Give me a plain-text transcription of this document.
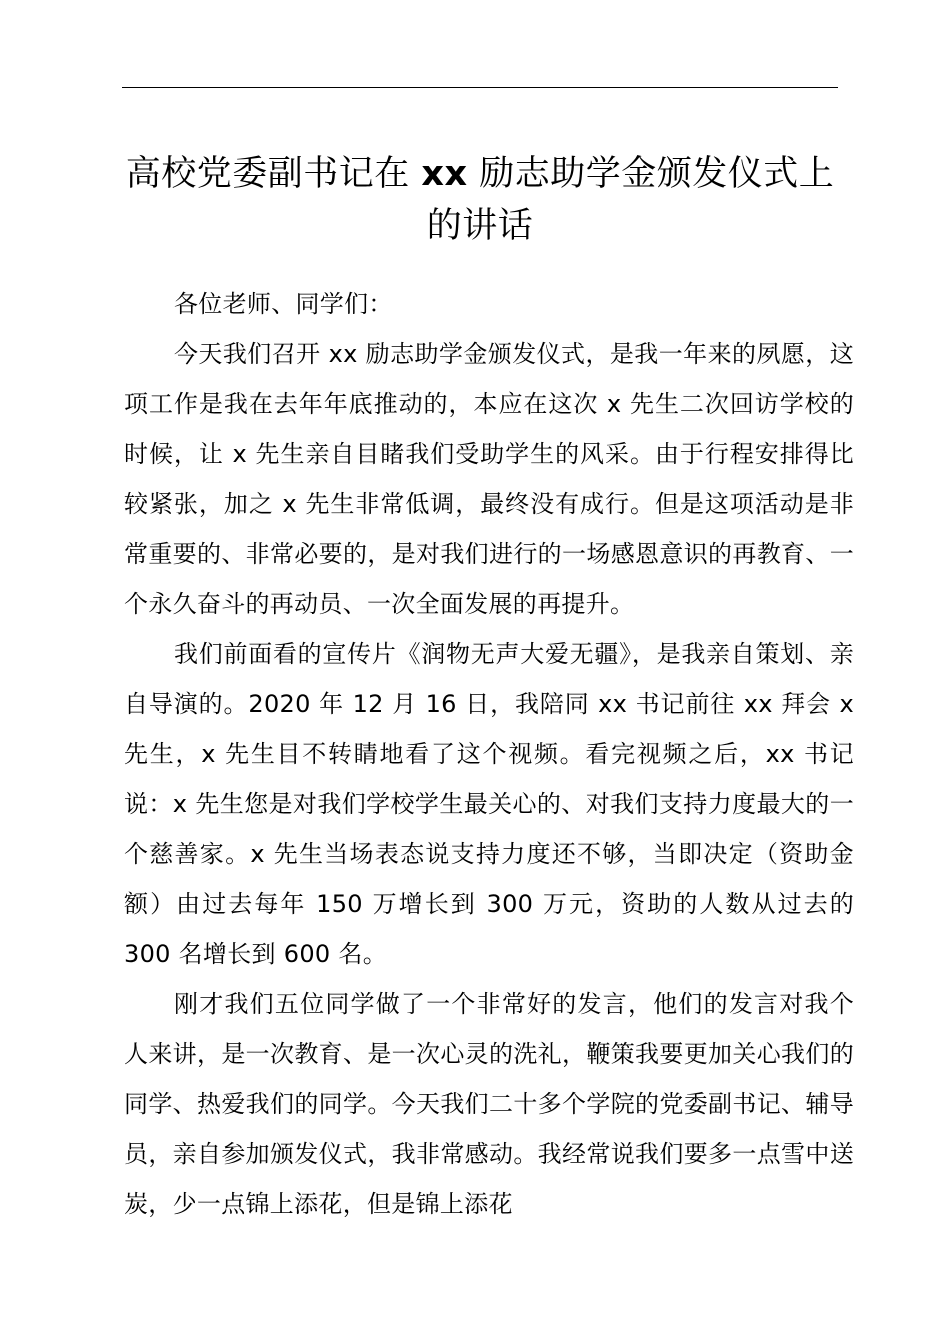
高校党委副书记在 xx 励志助学金颁发仪式上的讲话

各位老师、同学们：

今天我们召开 xx 励志助学金颁发仪式，是我一年来的夙愿，这项工作是我在去年年底推动的，本应在这次 x 先生二次回访学校的时候，让 x 先生亲自目睹我们受助学生的风采。由于行程安排得比较紧张，加之 x 先生非常低调，最终没有成行。但是这项活动是非常重要的、非常必要的，是对我们进行的一场感恩意识的再教育、一个永久奋斗的再动员、一次全面发展的再提升。

我们前面看的宣传片《润物无声大爱无疆》，是我亲自策划、亲自导演的。2020 年 12 月 16 日，我陪同 xx 书记前往 xx 拜会 x 先生，x 先生目不转睛地看了这个视频。看完视频之后，xx 书记说：x 先生您是对我们学校学生最关心的、对我们支持力度最大的一个慈善家。x 先生当场表态说支持力度还不够，当即决定（资助金额）由过去每年 150 万增长到 300 万元，资助的人数从过去的 300 名增长到 600 名。

刚才我们五位同学做了一个非常好的发言，他们的发言对我个人来讲，是一次教育、是一次心灵的洗礼，鞭策我要更加关心我们的同学、热爱我们的同学。今天我们二十多个学院的党委副书记、辅导员，亲自参加颁发仪式，我非常感动。我经常说我们要多一点雪中送炭，少一点锦上添花，但是锦上添花
